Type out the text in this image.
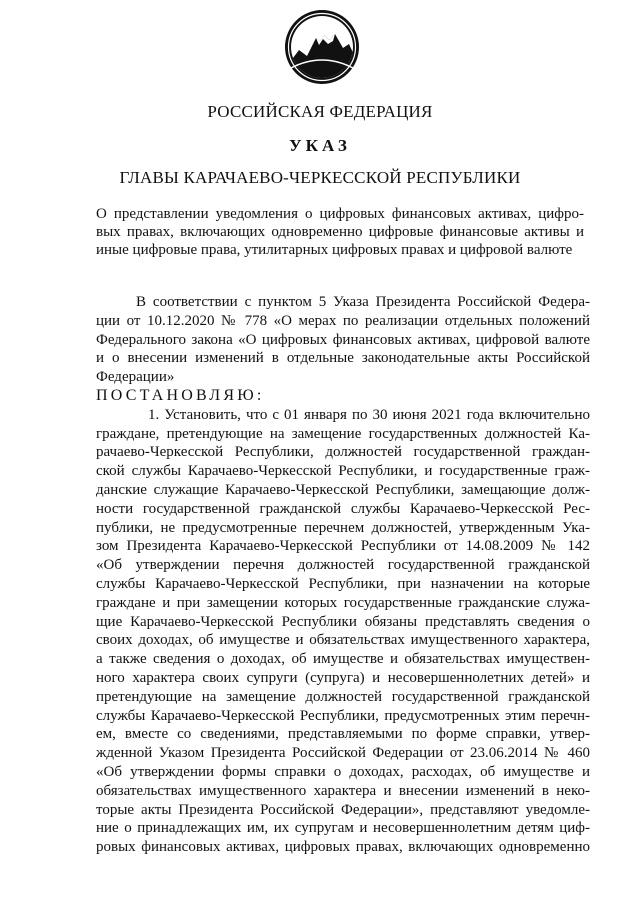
РОССИЙСКАЯ ФЕДЕРАЦИЯ
УКАЗ
ГЛАВЫ КАРАЧАЕВО-ЧЕРКЕССКОЙ РЕСПУБЛИКИ
О представлении уведомления о цифровых финансовых активах, цифро-
вых правах, включающих одновременно цифровые финансовые активы и
иные цифровые права, утилитарных цифровых правах и цифровой валюте
В соответствии с пунктом 5 Указа Президента Российской Федера-
ции от 10.12.2020 № 778 «О мерах по реализации отдельных положений
Федерального закона «О цифровых финансовых активах, цифровой валюте
и о внесении изменений в отдельные законодательные акты Российской
Федерации»
ПОСТАНОВЛЯЮ:
1. Установить, что с 01 января по 30 июня 2021 года включительно
граждане, претендующие на замещение государственных должностей Ка-
рачаево-Черкесской Республики, должностей государственной граждан-
ской службы Карачаево-Черкесской Республики, и государственные граж-
данские служащие Карачаево-Черкесской Республики, замещающие долж-
ности государственной гражданской службы Карачаево-Черкесской Рес-
публики, не предусмотренные перечнем должностей, утвержденным Ука-
зом Президента Карачаево-Черкесской Республики от 14.08.2009 № 142
«Об утверждении перечня должностей государственной гражданской
службы Карачаево-Черкесской Республики, при назначении на которые
граждане и при замещении которых государственные гражданские служа-
щие Карачаево-Черкесской Республики обязаны представлять сведения о
своих доходах, об имуществе и обязательствах имущественного характера,
а также сведения о доходах, об имуществе и обязательствах имуществен-
ного характера своих супруги (супруга) и несовершеннолетних детей» и
претендующие на замещение должностей государственной гражданской
службы Карачаево-Черкесской Республики, предусмотренных этим перечн-
ем, вместе со сведениями, представляемыми по форме справки, утвер-
жденной Указом Президента Российской Федерации от 23.06.2014 № 460
«Об утверждении формы справки о доходах, расходах, об имуществе и
обязательствах имущественного характера и внесении изменений в неко-
торые акты Президента Российской Федерации», представляют уведомле-
ние о принадлежащих им, их супругам и несовершеннолетним детям циф-
ровых финансовых активах, цифровых правах, включающих одновременно
